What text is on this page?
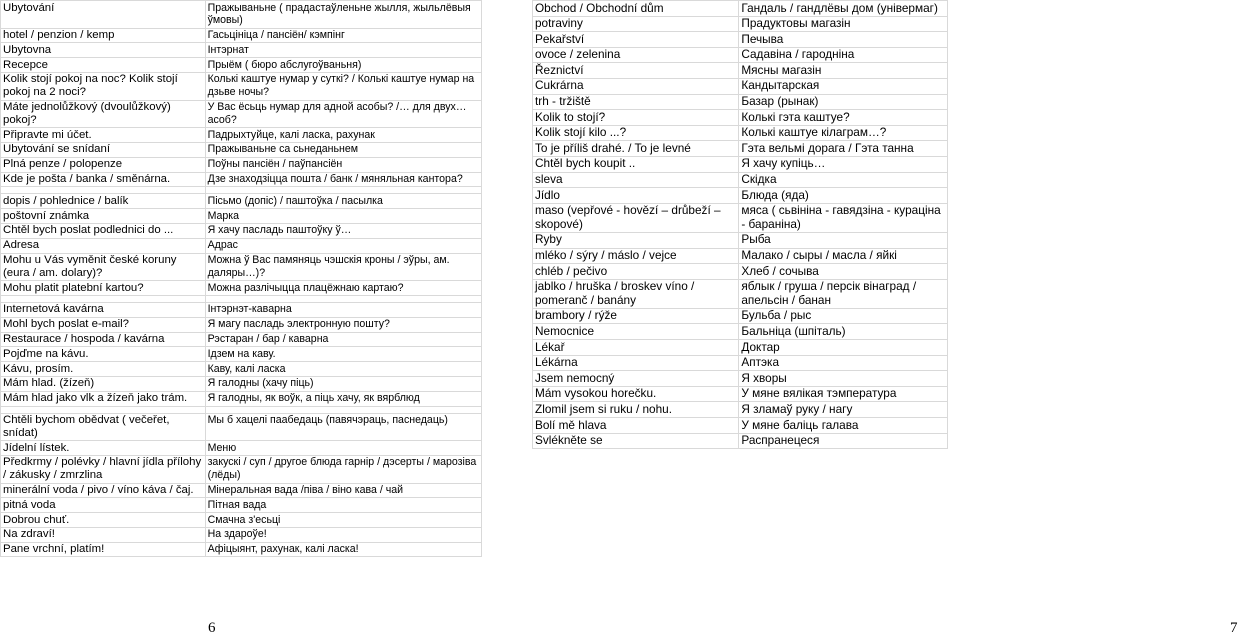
Ubytování	Пражываньне ( прадастаўленьне жылля, жыльлёвыя ўмовы)
hotel / penzion / kemp	Гасьцініца / пансіён/ кэмпінг
Ubytovna	Інтэрнат
Recepce	Прыём ( бюро абслугоўваньня)
Kolik stojí pokoj na noc? Kolik stojí pokoj na 2 noci?	Колькі каштуе нумар у суткі? / Колькі каштуе нумар на дзьве ночы?
Máte jednolůžkový (dvoulůžkový) pokoj?	У Вас ёсьць нумар для адной асобы? /… для двух… асоб?
Připravte mi účet.	Падрыхтуйце, калі ласка, рахунак
Ubytování se snídaní	Пражываньне са сьнеданьнем
Plná penze / polopenze	Поўны пансіён / паўпансіён
Kde je pošta / banka / směnárna.	Дзе знаходзіцца пошта / банк / мяняльная кантора?

dopis / pohlednice / balík	Пісьмо (допіс) / паштоўка / пасылка
poštovní známka	Марка
Chtěl bych poslat podlednici do ...	Я хачу пасладь паштоўку ў…
Adresa	Адрас
Mohu u Vás vyměnit české koruny (eura / am. dolary)?	Можна ў Вас памяняць чэшскія кроны / эўры, ам. даляры…)?
Mohu platit platební kartou?	Можна разлічыцца плацёжнаю картаю?

Internetová kavárna	Інтэрнэт-каварна
Mohl bych poslat e-mail?	Я магу пасладь электронную пошту?
Restaurace / hospoda / kavárna	Рэстаран / бар / каварна
Pojďme na kávu.	Ідзем на каву.
Kávu, prosím.	Каву, калі ласка
Mám hlad. (žízeň)	Я галодны (хачу піць)
Mám hlad jako vlk a žízeň jako trám.	Я галодны, як воўк, а піць хачу, як вярблюд

Chtěli bychom obědvat ( večeřet, snídat)	Мы б хацелі паабедаць (павячэраць, паснедаць)
Jídelní lístek.	Меню
Předkrmy / polévky / hlavní jídla přílohy / zákusky / zmrzlina	закускі / суп / другое блюда гарнір / дэсерты / марозіва (лёды)
minerální voda / pivo / víno káva / čaj.	Мінеральная вада /піва / віно кава / чай
pitná voda	Пітная вада
Dobrou chuť.	Смачна з'есьці
Na zdraví!	На здароўе!
Pane vrchní, platím!	Афіцыянт, рахунак, калі ласка!
6
Obchod / Obchodní dům	Гандаль / гандлёвы дом (універмаг)
potraviny	Прадуктовы магазін
Pekařství	Печыва
ovoce / zelenina	Садавіна / гародніна
Řeznictví	Мясны магазін
Cukrárna	Кандытарская
trh - tržiště	Базар (рынак)
Kolik to stojí?	Колькі гэта каштуе?
Kolik stojí kilo ...?	Колькі каштуе кілаграм…?
To je příliš drahé. / To je levné	Гэта вельмі дорага / Гэта танна
Chtěl bych koupit ..	Я хачу купіць…
sleva	Скідка
Jídlo	Блюда (ядa)
maso (vepřové - hovězí – drůbeží – skopové)	мяса ( сьвініна - гавядзіна - курацiна - бараніна)
Ryby	Рыба
mléko / sýry / máslo / vejce	Малако / сыры / масла / яйкі
chléb / pečivo	Хлеб / сочыва
jablko / hruška / broskev víno / pomeranč / banány	яблык / груша / персік вінаград / апельсін / банан
brambory / rýže	Бульба / рыс
Nemocnice	Бальніца (шпіталь)
Lékař	Доктар
Lékárna	Аптэка
Jsem nemocný	Я хворы
Mám vysokou horečku.	У мяне вялікая тэмпература
Zlomil jsem si ruku / nohu.	Я зламаў руку / нагу
Bolí mě hlava	У мяне баліць галава
Svlékněte se	Распранецеся
7
